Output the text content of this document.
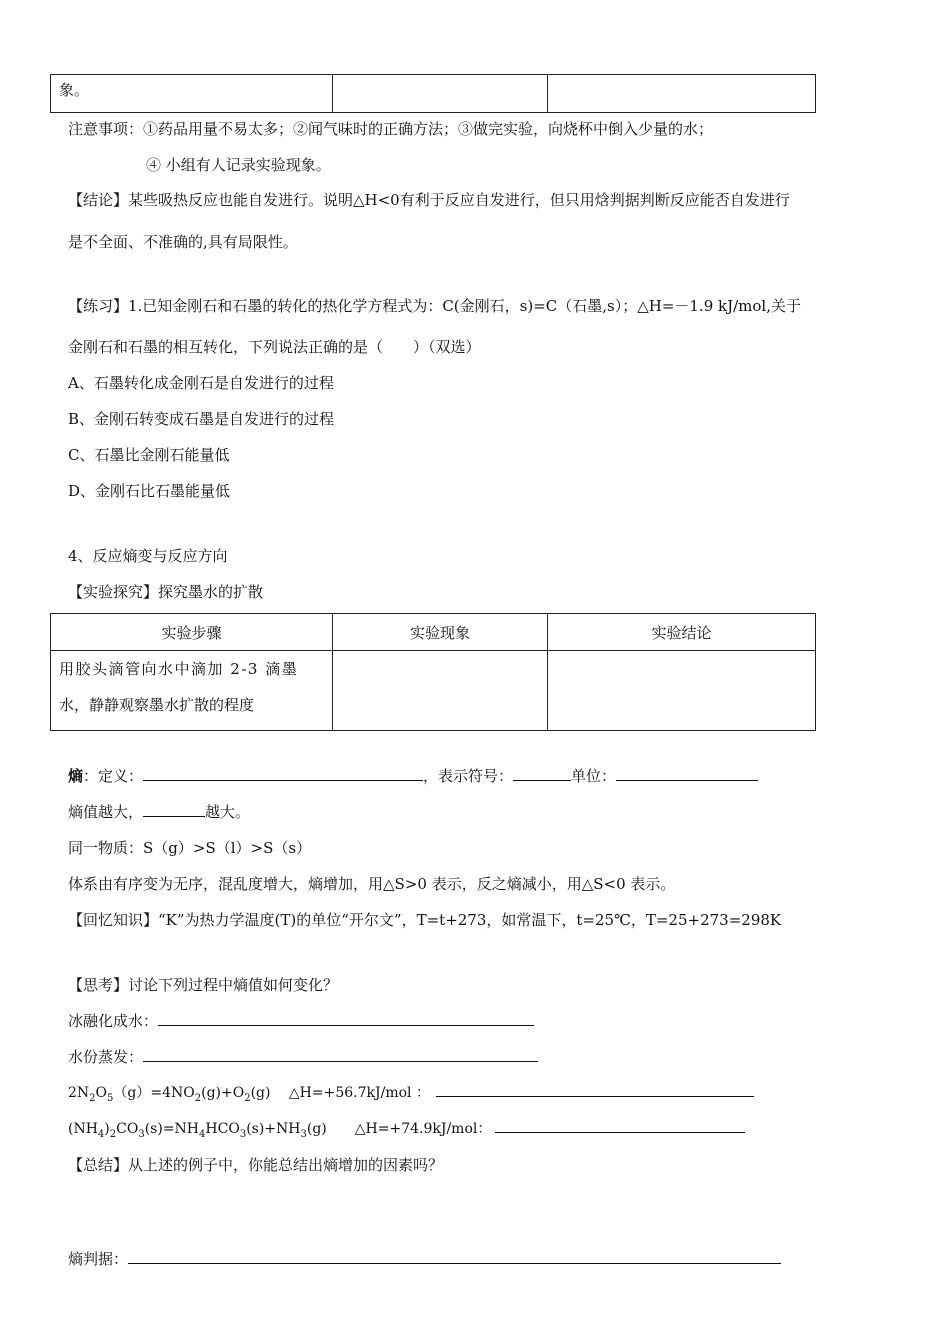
象。		
注意事项：①药品用量不易太多；②闻气味时的正确方法；③做完实验，向烧杯中倒入少量的水；
④ 小组有人记录实验现象。
【结论】某些吸热反应也能自发进行。说明△H<0有利于反应自发进行，但只用焓判据判断反应能否自发进行
是不全面、不准确的,具有局限性。
【练习】1.已知金刚石和石墨的转化的热化学方程式为：C(金刚石，s)=C（石墨,s）；△H=－1.9 kJ/mol,关于
金刚石和石墨的相互转化，下列说法正确的是（　　）（双选）
A、石墨转化成金刚石是自发进行的过程
B、金刚石转变成石墨是自发进行的过程
C、石墨比金刚石能量低
D、金刚石比石墨能量低
4、反应熵变与反应方向
【实验探究】探究墨水的扩散
实验步骤	实验现象	实验结论

用胶头滴管向水中滴加 2-3 滴墨
水，静静观察墨水扩散的程度		

熵：定义：	，表示符号：	单位：
熵值越大，	越大。
同一物质：S（g）>S（l）>S（s）
体系由有序变为无序，混乱度增大，熵增加，用△S>0 表示，反之熵减小，用△S<0 表示。
【回忆知识】“K”为热力学温度(T)的单位“开尔文”，T=t+273，如常温下，t=25℃，T=25+273=298K
【思考】讨论下列过程中熵值如何变化？
冰融化成水：
水份蒸发：
$2N_2O_5(g)=4NO_2(g)+O_2(g)$　 △H=+56.7kJ/mol ：
$(NH_4)_2CO_3(s)=NH_4HCO_3(s)+NH_3(g)$　　△H=+74.9kJ/mol：
【总结】从上述的例子中，你能总结出熵增加的因素吗？
熵判据：
